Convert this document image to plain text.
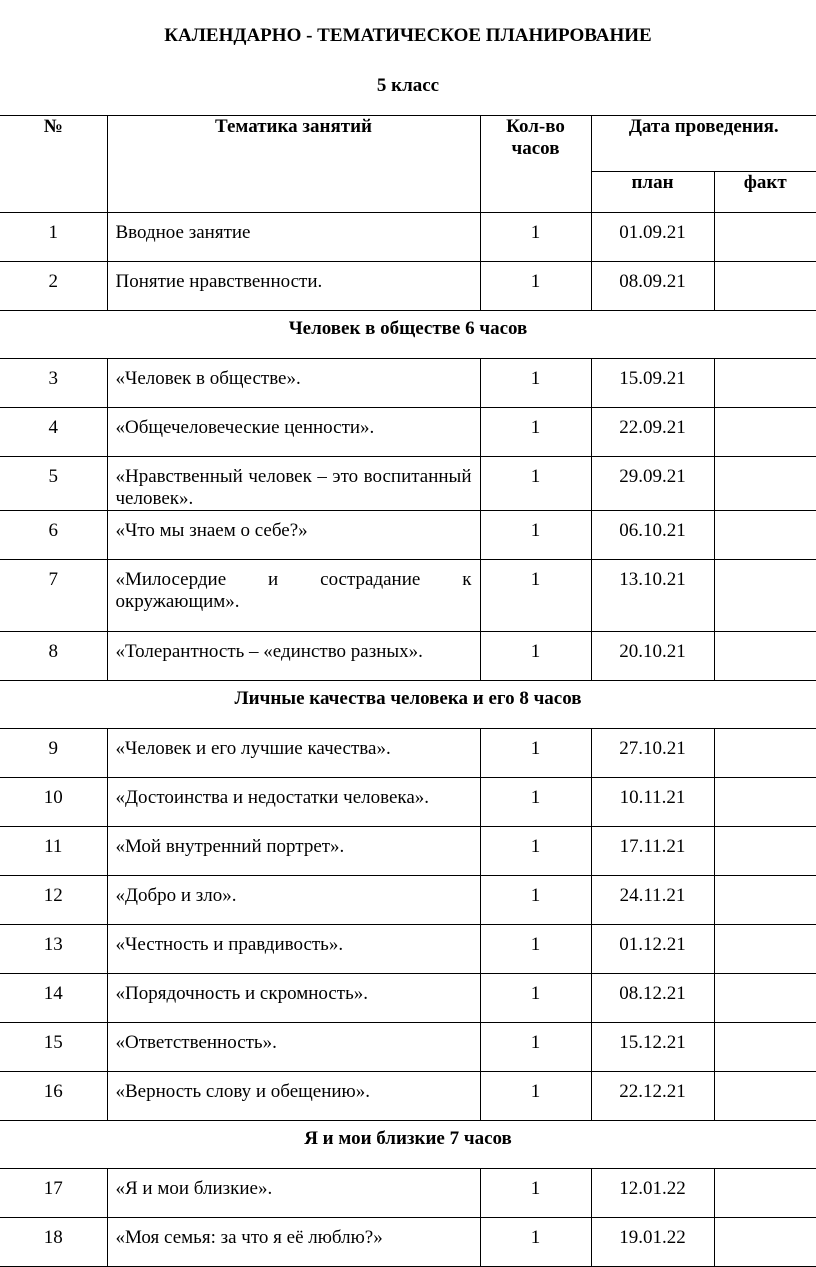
КАЛЕНДАРНО - ТЕМАТИЧЕСКОЕ ПЛАНИРОВАНИЕ
5 класс
№	Тематика занятий	Кол-во часов	Дата проведения.	
			план	факт
1	Вводное занятие	1	01.09.21	
2	Понятие нравственности.	1	08.09.21	
Человек в обществе 6 часов				
3	«Человек в обществе».	1	15.09.21	
4	«Общечеловеческие ценности».	1	22.09.21	
5	«Нравственный человек – это воспитанный человек».	1	29.09.21	
6	«Что мы знаем о себе?»	1	06.10.21	
7	«Милосердие и сострадание к окружающим».	1	13.10.21	
8	«Толерантность – «единство разных».	1	20.10.21	
Личные качества человека и его 8 часов				
9	«Человек и его лучшие качества».	1	27.10.21	
10	«Достоинства и недостатки человека».	1	10.11.21	
11	«Мой внутренний портрет».	1	17.11.21	
12	«Добро и зло».	1	24.11.21	
13	«Честность и правдивость».	1	01.12.21	
14	«Порядочность и скромность».	1	08.12.21	
15	«Ответственность».	1	15.12.21	
16	«Верность слову и обещению».	1	22.12.21	
Я и мои близкие 7 часов				
17	«Я и мои близкие».	1	12.01.22	
18	«Моя семья: за что я её люблю?»	1	19.01.22	
